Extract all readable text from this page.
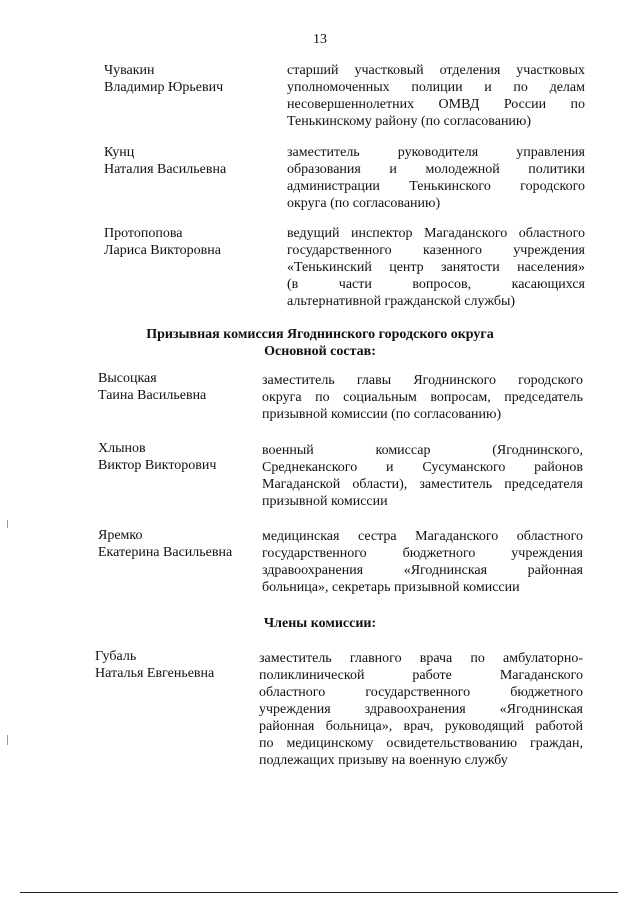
13
Чувакин
Владимир Юрьевич
старший участковый отделения участковых
уполномоченных полиции и по делам
несовершеннолетних ОМВД России по
Тенькинскому району (по согласованию)
Кунц
Наталия Васильевна
заместитель руководителя управления
образования и молодежной политики
администрации Тенькинского городского
округа (по согласованию)
Протопопова
Лариса Викторовна
ведущий инспектор Магаданского областного
государственного казенного учреждения
«Тенькинский центр занятости населения»
(в части вопросов, касающихся
альтернативной гражданской службы)
Призывная комиссия Ягоднинского городского округа
Основной состав:
Высоцкая
Таина Васильевна
заместитель главы Ягоднинского городского
округа по социальным вопросам, председатель
призывной комиссии (по согласованию)
Хлынов
Виктор Викторович
военный комиссар (Ягоднинского,
Среднеканского и Сусуманского районов
Магаданской области), заместитель председателя
призывной комиссии
Яремко
Екатерина Васильевна
медицинская сестра Магаданского областного
государственного бюджетного учреждения
здравоохранения «Ягоднинская районная
больница», секретарь призывной комиссии
Члены комиссии:
Губаль
Наталья Евгеньевна
заместитель главного врача по амбулаторно-
поликлинической работе Магаданского
областного государственного бюджетного
учреждения здравоохранения «Ягоднинская
районная больница», врач, руководящий работой
по медицинскому освидетельствованию граждан,
подлежащих призыву на военную службу
